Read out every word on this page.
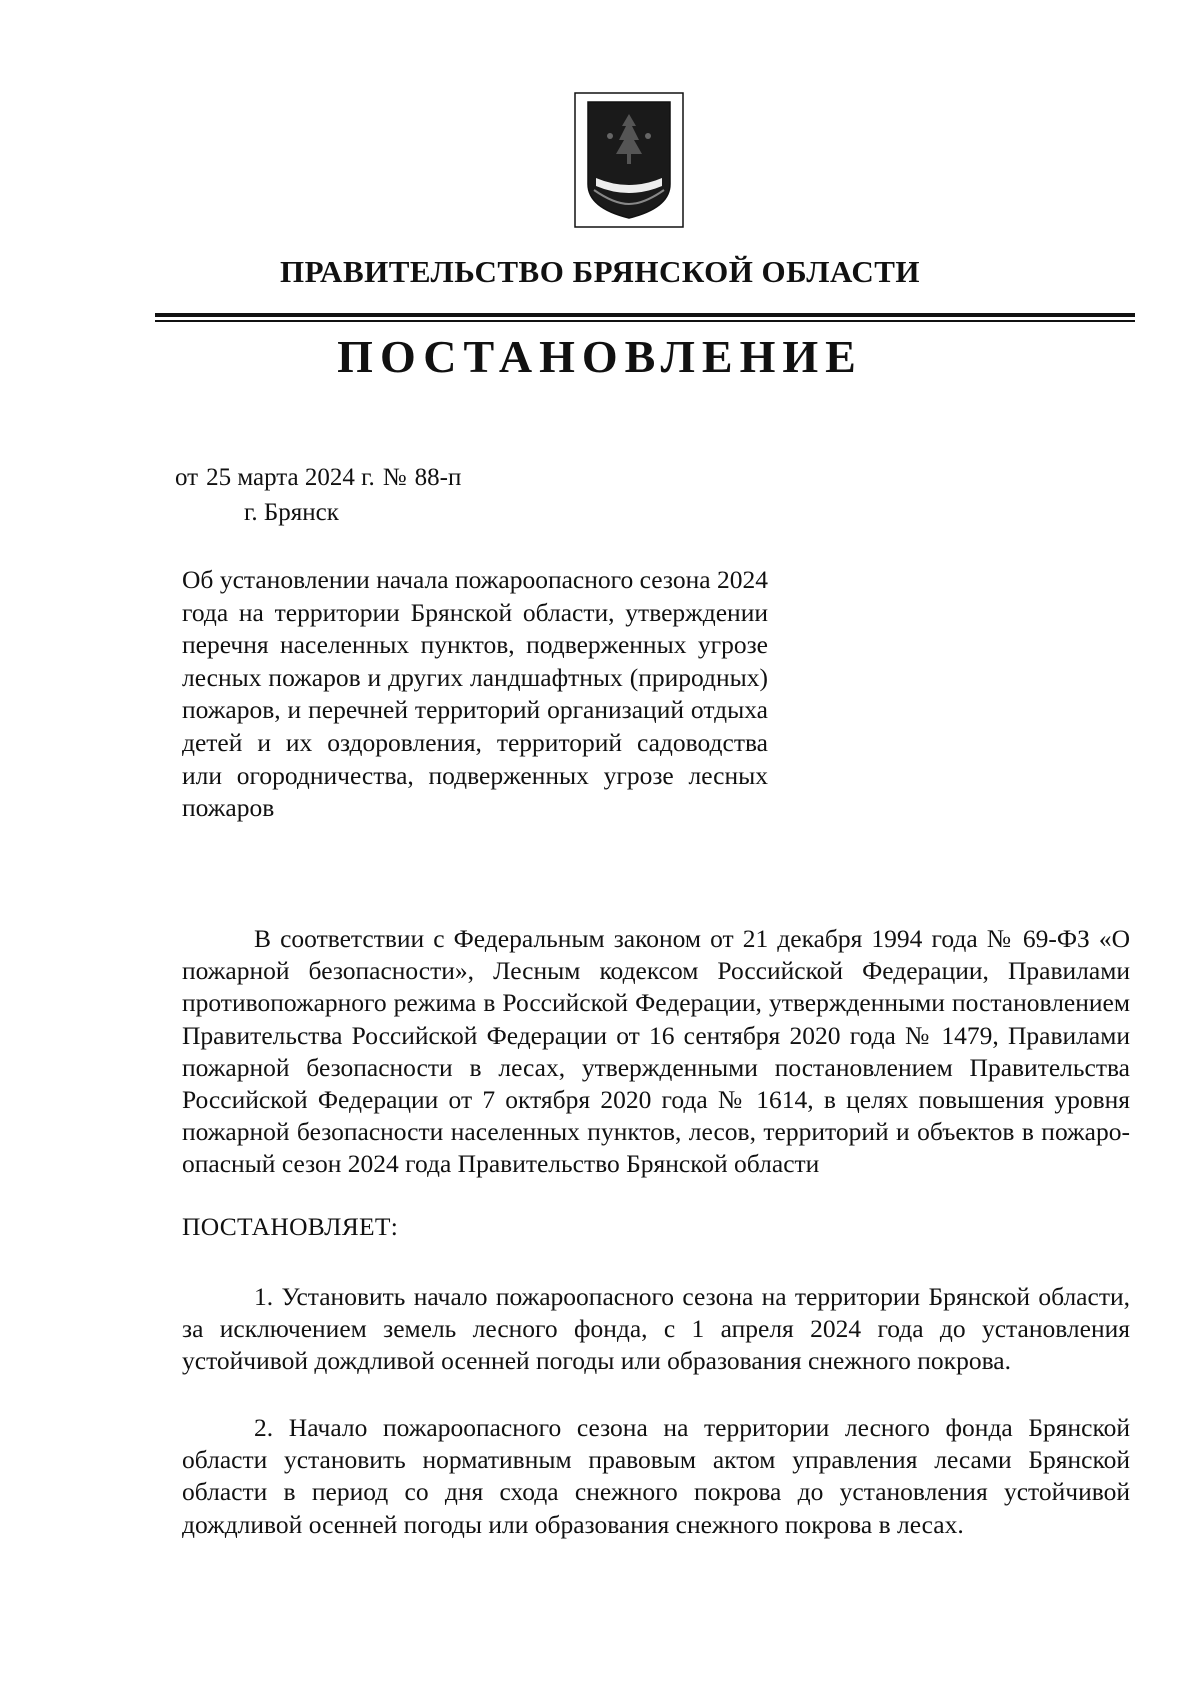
ПРАВИТЕЛЬСТВО БРЯНСКОЙ ОБЛАСТИ
ПОСТАНОВЛЕНИЕ
от 25 марта 2024 г. № 88-п
г. Брянск
Об установлении начала пожароопасного сезона 2024 года на территории Брянской области, утверждении перечня населенных пунктов, подверженных угрозе лесных пожаров и других ландшафтных (природных) пожаров, и перечней территорий организаций отдыха детей и их оздоровления, территорий садоводства или огородничества, подверженных угрозе лесных пожаров
В соответствии с Федеральным законом от 21 декабря 1994 года № 69-ФЗ «О пожарной безопасности», Лесным кодексом Российской Федерации, Правилами противопожарного режима в Российской Федерации, утвержденными постановлением Правительства Российской Федерации от 16 сентября 2020 года № 1479, Правилами пожарной безопасности в лесах, утвержденными постановлением Правительства Российской Федерации от 7 октября 2020 года № 1614, в целях повышения уровня пожарной безопасности населенных пунктов, лесов, территорий и объектов в пожароопасный сезон 2024 года Правительство Брянской области
ПОСТАНОВЛЯЕТ:
1. Установить начало пожароопасного сезона на территории Брянской области, за исключением земель лесного фонда, с 1 апреля 2024 года до установления устойчивой дождливой осенней погоды или образования снежного покрова.
2. Начало пожароопасного сезона на территории лесного фонда Брянской области установить нормативным правовым актом управления лесами Брянской области в период со дня схода снежного покрова до установления устойчивой дождливой осенней погоды или образования снежного покрова в лесах.
